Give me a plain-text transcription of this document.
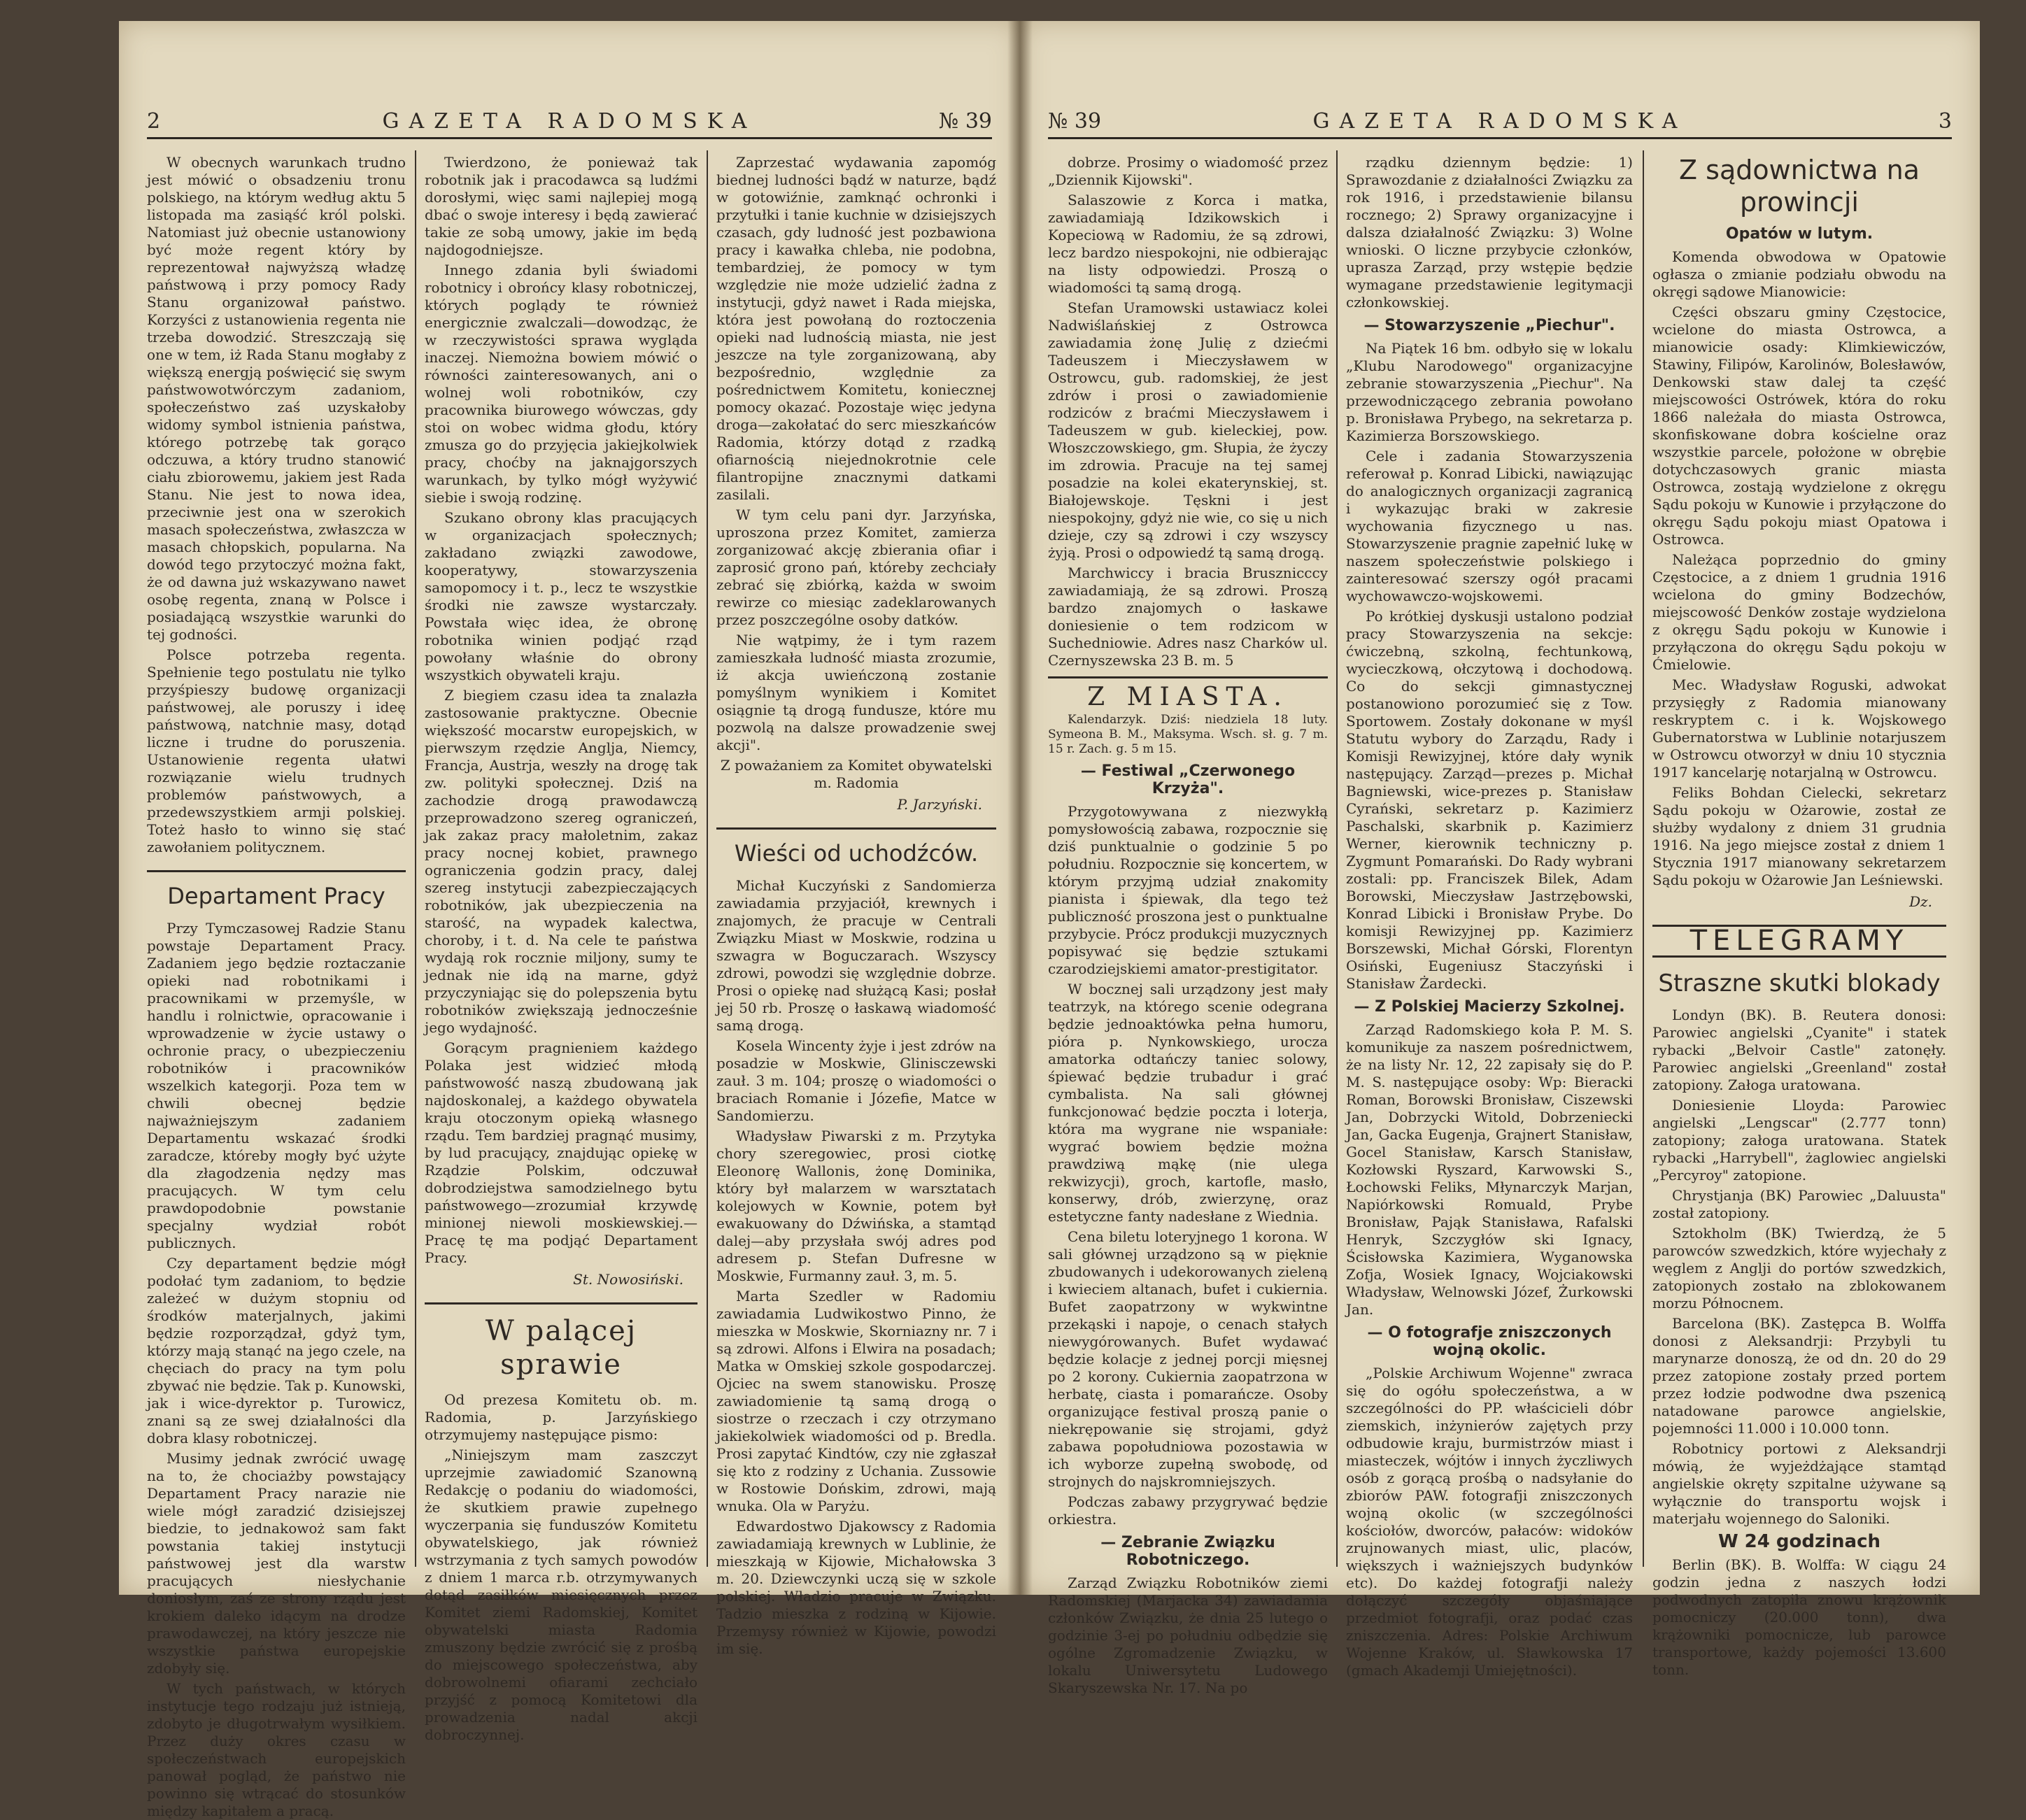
2	GAZETA RADOMSKA	№ 39

W obecnych warunkach trudno jest mówić o obsadzeniu tronu polskiego, na którym według aktu 5 listopada ma zasiąść król polski. Natomiast już obecnie ustanowiony być może regent który by reprezentował najwyższą władzę państwową i przy pomocy Rady Stanu organizował państwo. Korzyści z ustanowienia regenta nie trzeba dowodzić. Streszczają się one w tem, iż Rada Stanu mogłaby z większą energją poświęcić się swym państwowotwórczym zadaniom, społeczeństwo zaś uzyskałoby widomy symbol istnienia państwa, którego potrzebę tak gorąco odczuwa, a który trudno stanowić ciału zbiorowemu, jakiem jest Rada Stanu. Nie jest to nowa idea, przeciwnie jest ona w szerokich masach społeczeństwa, zwłaszcza w masach chłopskich, popularna. Na dowód tego przytoczyć można fakt, że od dawna już wskazywano nawet osobę regenta, znaną w Polsce i posiadającą wszystkie warunki do tej godności.

Polsce potrzeba regenta. Spełnienie tego postulatu nie tylko przyśpieszy budowę organizacji państwowej, ale poruszy i ideę państwową, natchnie masy, dotąd liczne i trudne do poruszenia. Ustanowienie regenta ułatwi rozwiązanie wielu trudnych problemów państwowych, a przedewszystkiem armji polskiej. Toteż hasło to winno się stać zawołaniem politycznem.

Departament Pracy

Przy Tymczasowej Radzie Stanu powstaje Departament Pracy. Zadaniem jego będzie roztaczanie opieki nad robotnikami i pracownikami w przemyśle, w handlu i rolnictwie, opracowanie i wprowadzenie w życie ustawy o ochronie pracy, o ubezpieczeniu robotników i pracowników wszelkich kategorji. Poza tem w chwili obecnej będzie najważniejszym zadaniem Departamentu wskazać środki zaradcze, któreby mogły być użyte dla złagodzenia nędzy mas pracujących. W tym celu prawdopodobnie powstanie specjalny wydział robót publicznych.

Czy departament będzie mógł podołać tym zadaniom, to będzie zależeć w dużym stopniu od środków materjalnych, jakimi będzie rozporządzał, gdyż tym, którzy mają stanąć na jego czele, na chęciach do pracy na tym polu zbywać nie będzie. Tak p. Kunowski, jak i wice-dyrektor p. Turowicz, znani są ze swej działalności dla dobra klasy robotniczej.

Musimy jednak zwrócić uwagę na to, że chociażby powstający Departament Pracy narazie nie wiele mógł zaradzić dzisiejszej biedzie, to jednakowoż sam fakt powstania takiej instytucji państwowej jest dla warstw pracujących niesłychanie doniosłym, zaś ze strony rządu jest krokiem daleko idącym na drodze prawodawczej, na który jeszcze nie wszystkie państwa europejskie zdobyły się.

W tych państwach, w których instytucje tego rodzaju już istnieją, zdobyto je długotrwałym wysiłkiem. Przez duży okres czasu w społeczeństwach europejskich panował pogląd, że państwo nie powinno się wtrącać do stosunków między kapitałem a pracą.

Twierdzono, że ponieważ tak robotnik jak i pracodawca są ludźmi dorosłymi, więc sami najlepiej mogą dbać o swoje interesy i będą zawierać takie ze sobą umowy, jakie im będą najdogodniejsze.

Innego zdania byli świadomi robotnicy i obrońcy klasy robotniczej, których poglądy te również energicznie zwalczali—dowodząc, że w rzeczywistości sprawa wygląda inaczej. Niemożna bowiem mówić o równości zainteresowanych, ani o wolnej woli robotników, czy pracownika biurowego wówczas, gdy stoi on wobec widma głodu, który zmusza go do przyjęcia jakiejkolwiek pracy, choćby na jaknajgorszych warunkach, by tylko mógł wyżywić siebie i swoją rodzinę.

Szukano obrony klas pracujących w organizacjach społecznych; zakładano związki zawodowe, kooperatywy, stowarzyszenia samopomocy i t. p., lecz te wszystkie środki nie zawsze wystarczały. Powstała więc idea, że obronę robotnika winien podjąć rząd powołany właśnie do obrony wszystkich obywateli kraju.

Z biegiem czasu idea ta znalazła zastosowanie praktyczne. Obecnie większość mocarstw europejskich, w pierwszym rzędzie Anglja, Niemcy, Francja, Austrja, weszły na drogę tak zw. polityki społecznej. Dziś na zachodzie drogą prawodawczą przeprowadzono szereg ograniczeń, jak zakaz pracy małoletnim, zakaz pracy nocnej kobiet, prawnego ograniczenia godzin pracy, dalej szereg instytucji zabezpieczających robotników, jak ubezpieczenia na starość, na wypadek kalectwa, choroby, i t. d. Na cele te państwa wydają rok rocznie miljony, sumy te jednak nie idą na marne, gdyż przyczyniając się do polepszenia bytu robotników zwiększają jednocześnie jego wydajność.

Gorącym pragnieniem każdego Polaka jest widzieć młodą państwowość naszą zbudowaną jak najdoskonalej, a każdego obywatela kraju otoczonym opieką własnego rządu. Tem bardziej pragnąć musimy, by lud pracujący, znajdując opiekę w Rządzie Polskim, odczuwał dobrodziejstwa samodzielnego bytu państwowego—zrozumiał krzywdę minionej niewoli moskiewskiej.—Pracę tę ma podjąć Departament Pracy.

St. Nowosiński.
W palącej sprawie

Od prezesa Komitetu ob. m. Radomia, p. Jarzyńskiego otrzymujemy następujące pismo:

„Niniejszym mam zaszczyt uprzejmie zawiadomić Szanowną Redakcję o podaniu do wiadomości, że skutkiem prawie zupełnego wyczerpania się funduszów Komitetu obywatelskiego, jak również wstrzymania z tych samych powodów z dniem 1 marca r.b. otrzymywanych dotąd zasiłków miesięcznych przez Komitet ziemi Radomskiej, Komitet obywatelski miasta Radomia zmuszony będzie zwrócić się z prośbą do miejscowego społeczeństwa, aby dobrowolnemi ofiarami zechciało przyjść z pomocą Komitetowi dla prowadzenia nadal akcji dobroczynnej.

Zaprzestać wydawania zapomóg biednej ludności bądź w naturze, bądź w gotowiźnie, zamknąć ochronki i przytułki i tanie kuchnie w dzisiejszych czasach, gdy ludność jest pozbawiona pracy i kawałka chleba, nie podobna, tembardziej, że pomocy w tym względzie nie może udzielić żadna z instytucji, gdyż nawet i Rada miejska, która jest powołaną do roztoczenia opieki nad ludnością miasta, nie jest jeszcze na tyle zorganizowaną, aby bezpośrednio, względnie za pośrednictwem Komitetu, koniecznej pomocy okazać. Pozostaje więc jedyna droga—zakołatać do serc mieszkańców Radomia, którzy dotąd z rzadką ofiarnością niejednokrotnie cele filantropijne znacznymi datkami zasilali.

W tym celu pani dyr. Jarzyńska, uproszona przez Komitet, zamierza zorganizować akcję zbierania ofiar i zaprosić grono pań, któreby zechciały zebrać się zbiórką, każda w swoim rewirze co miesiąc zadeklarowanych przez poszczególne osoby datków.

Nie wątpimy, że i tym razem zamieszkała ludność miasta zrozumie, iż akcja uwieńczoną zostanie pomyślnym wynikiem i Komitet osiągnie tą drogą fundusze, które mu pozwolą na dalsze prowadzenie swej akcji".

Z poważaniem za Komitet obywatelski m. Radomia

P. Jarzyński.
Wieści od uchodźców.

Michał Kuczyński z Sandomierza zawiadamia przyjaciół, krewnych i znajomych, że pracuje w Centrali Związku Miast w Moskwie, rodzina u szwagra w Boguczarach. Wszyscy zdrowi, powodzi się względnie dobrze. Prosi o opiekę nad służącą Kasi; posłał jej 50 rb. Proszę o łaskawą wiadomość samą drogą.

Kosela Wincenty żyje i jest zdrów na posadzie w Moskwie, Glinisczewski zauł. 3 m. 104; proszę o wiadomości o braciach Romanie i Józefie, Matce w Sandomierzu.

Władysław Piwarski z m. Przytyka chory szeregowiec, prosi ciotkę Eleonorę Wallonis, żonę Dominika, który był malarzem w warsztatach kolejowych w Kownie, potem był ewakuowany do Dźwińska, a stamtąd dalej—aby przysłała swój adres pod adresem p. Stefan Dufresne w Moskwie, Furmanny zauł. 3, m. 5.

Marta Szedler w Radomiu zawiadamia Ludwikostwo Pinno, że mieszka w Moskwie, Skorniazny nr. 7 i są zdrowi. Alfons i Elwira na posadach; Matka w Omskiej szkole gospodarczej. Ojciec na swem stanowisku. Proszę zawiadomienie tą samą drogą o siostrze o rzeczach i czy otrzymano jakiekolwiek wiadomości od p. Bredla. Prosi zapytać Kindtów, czy nie zgłaszał się kto z rodziny z Uchania. Zussowie w Rostowie Dońskim, zdrowi, mają wnuka. Ola w Paryżu.

Edwardostwo Djakowscy z Radomia zawiadamiają krewnych w Lublinie, że mieszkają w Kijowie, Michałowska 3 m. 20. Dziewczynki uczą się w szkole polskiej. Władzio pracuje w Związku. Tadzio mieszka z rodziną w Kijowie. Przemysy również w Kijowie, powodzi im się.

№ 39	GAZETA RADOMSKA	3

dobrze. Prosimy o wiadomość przez „Dziennik Kijowski".

Salaszowie z Korca i matka, zawiadamiają Idzikowskich i Kopeciową w Radomiu, że są zdrowi, lecz bardzo niespokojni, nie odbierając na listy odpowiedzi. Proszą o wiadomości tą samą drogą.

Stefan Uramowski ustawiacz kolei Nadwiślańskiej z Ostrowca zawiadamia żonę Julię z dziećmi Tadeuszem i Mieczysławem w Ostrowcu, gub. radomskiej, że jest zdrów i prosi o zawiadomienie rodziców z braćmi Mieczysławem i Tadeuszem w gub. kieleckiej, pow. Włoszczowskiego, gm. Słupia, że życzy im zdrowia. Pracuje na tej samej posadzie na kolei ekaterynskiej, st. Białojewskoje. Tęskni i jest niespokojny, gdyż nie wie, co się u nich dzieje, czy są zdrowi i czy wszyscy żyją. Prosi o odpowiedź tą samą drogą.

Marchwiccy i bracia Brusznicccy zawiadamiają, że są zdrowi. Proszą bardzo znajomych o łaskawe doniesienie o tem rodzicom w Suchedniowie. Adres nasz Charków ul. Czernyszewska 23 B. m. 5

Z MIASTA.

Kalendarzyk. Dziś: niedziela 18 luty. Symeona B. M., Maksyma. Wsch. sł. g. 7 m. 15 r. Zach. g. 5 m 15.

— Festiwal „Czerwonego Krzyża".

Przygotowywana z niezwykłą pomysłowością zabawa, rozpocznie się dziś punktualnie o godzinie 5 po południu. Rozpocznie się koncertem, w którym przyjmą udział znakomity pianista i śpiewak, dla tego też publiczność proszona jest o punktualne przybycie. Prócz produkcji muzycznych popisywać się będzie sztukami czarodziejskiemi amator-prestigitator.

W bocznej sali urządzony jest mały teatrzyk, na którego scenie odegrana będzie jednoaktówka pełna humoru, pióra p. Nynkowskiego, urocza amatorka odtańczy taniec solowy, śpiewać będzie trubadur i grać cymbalista. Na sali głównej funkcjonować będzie poczta i loterja, która ma wygrane nie wspaniałe: wygrać bowiem będzie można prawdziwą mąkę (nie ulega rekwizycji), groch, kartofle, masło, konserwy, drób, zwierzynę, oraz estetyczne fanty nadesłane z Wiednia.

Cena biletu loteryjnego 1 korona. W sali głównej urządzono są w pięknie zbudowanych i udekorowanych zieleną i kwieciem altanach, bufet i cukiernia. Bufet zaopatrzony w wykwintne przekąski i napoje, o cenach stałych niewygórowanych. Bufet wydawać będzie kolacje z jednej porcji mięsnej po 2 korony. Cukiernia zaopatrzona w herbatę, ciasta i pomarańcze. Osoby organizujące festival proszą panie o niekrępowanie się strojami, gdyż zabawa popołudniowa pozostawia w ich wyborze zupełną swobodę, od strojnych do najskromniejszych.

Podczas zabawy przygrywać będzie orkiestra.

— Zebranie Związku Robotniczego.

Zarząd Związku Robotników ziemi Radomskiej (Marjacka 34) zawiadamia członków Związku, że dnia 25 lutego o godzinie 3-ej po południu odbędzie się ogólne Zgromadzenie Związku, w lokalu Uniwersytetu Ludowego Skaryszewska Nr. 17. Na po

rządku dziennym będzie: 1) Sprawozdanie z działalności Związku za rok 1916, i przedstawienie bilansu rocznego; 2) Sprawy organizacyjne i dalsza działalność Związku: 3) Wolne wnioski. O liczne przybycie członków, uprasza Zarząd, przy wstępie będzie wymagane przedstawienie legitymacji członkowskiej.

— Stowarzyszenie „Piechur".

Na Piątek 16 bm. odbyło się w lokalu „Klubu Narodowego" organizacyjne zebranie stowarzyszenia „Piechur". Na przewodniczącego zebrania powołano p. Bronisława Prybego, na sekretarza p. Kazimierza Borszowskiego.

Cele i zadania Stowarzyszenia referował p. Konrad Libicki, nawiązując do analogicznych organizacji zagranicą i wykazując braki w zakresie wychowania fizycznego u nas. Stowarzyszenie pragnie zapełnić lukę w naszem społeczeństwie polskiego i zainteresować szerszy ogół pracami wychowawczo-wojskowemi.

Po krótkiej dyskusji ustalono podział pracy Stowarzyszenia na sekcje: ćwiczebną, szkolną, fechtunkową, wycieczkową, ołczytową i dochodową. Co do sekcji gimnastycznej postanowiono porozumieć się z Tow. Sportowem. Zostały dokonane w myśl Statutu wybory do Zarządu, Rady i Komisji Rewizyjnej, które dały wynik następujący. Zarząd—prezes p. Michał Bagniewski, wice-prezes p. Stanisław Cyrański, sekretarz p. Kazimierz Paschalski, skarbnik p. Kazimierz Werner, kierownik techniczny p. Zygmunt Pomarański. Do Rady wybrani zostali: pp. Franciszek Bilek, Adam Borowski, Mieczysław Jastrzębowski, Konrad Libicki i Bronisław Prybe. Do komisji Rewizyjnej pp. Kazimierz Borszewski, Michał Górski, Florentyn Osiński, Eugeniusz Staczyński i Stanisław Żardecki.

— Z Polskiej Macierzy Szkolnej.

Zarząd Radomskiego koła P. M. S. komunikuje za naszem pośrednictwem, że na listy Nr. 12, 22 zapisały się do P. M. S. następujące osoby: Wp: Bieracki Roman, Borowski Bronisław, Ciszewski Jan, Dobrzycki Witold, Dobrzeniecki Jan, Gacka Eugenja, Grajnert Stanisław, Gocel Stanisław, Karsch Stanisław, Kozłowski Ryszard, Karwowski S., Łochowski Feliks, Młynarczyk Marjan, Napiórkowski Romuald, Prybe Bronisław, Pająk Stanisława, Rafalski Henryk, Szczygłów ski Ignacy, Ścisłowska Kazimiera, Wyganowska Zofja, Wosiek Ignacy, Wojciakowski Władysław, Welnowski Józef, Żurkowski Jan.

— O fotografje zniszczonych wojną okolic.

„Polskie Archiwum Wojenne" zwraca się do ogółu społeczeństwa, a w szczególności do PP. właścicieli dóbr ziemskich, inżynierów zajętych przy odbudowie kraju, burmistrzów miast i miasteczek, wójtów i innych życzliwych osób z gorącą prośbą o nadsyłanie do zbiorów PAW. fotografji zniszczonych wojną okolic (w szczególności kościołów, dworców, pałaców: widoków zrujnowanych miast, ulic, placów, większych i ważniejszych budynków etc). Do każdej fotografji należy dołączyć szczegóły objaśniające przedmiot fotografji, oraz podać czas zniszczenia. Adres: Polskie Archiwum Wojenne Kraków, ul. Sławkowska 17 (gmach Akademji Umiejętności).

Z sądownictwa na prowincji
Opatów w lutym.

Komenda obwodowa w Opatowie ogłasza o zmianie podziału obwodu na okręgi sądowe Mianowicie:

Części obszaru gminy Częstocice, wcielone do miasta Ostrowca, a mianowicie osady: Klimkiewiczów, Stawiny, Filipów, Karolinów, Bolesławów, Denkowski staw dalej ta część miejscowości Ostrówek, która do roku 1866 należała do miasta Ostrowca, skonfiskowane dobra kościelne oraz wszystkie parcele, położone w obrębie dotychczasowych granic miasta Ostrowca, zostają wydzielone z okręgu Sądu pokoju w Kunowie i przyłączone do okręgu Sądu pokoju miast Opatowa i Ostrowca.

Należąca poprzednio do gminy Częstocice, a z dniem 1 grudnia 1916 wcielona do gminy Bodzechów, miejscowość Denków zostaje wydzielona z okręgu Sądu pokoju w Kunowie i przyłączona do okręgu Sądu pokoju w Ćmielowie.

Mec. Władysław Roguski, adwokat przysięgły z Radomia mianowany reskryptem c. i k. Wojskowego Gubernatorstwa w Lublinie notarjuszem w Ostrowcu otworzył w dniu 10 stycznia 1917 kancelarję notarjalną w Ostrowcu.

Feliks Bohdan Cielecki, sekretarz Sądu pokoju w Ożarowie, został ze służby wydalony z dniem 31 grudnia 1916. Na jego miejsce został z dniem 1 Stycznia 1917 mianowany sekretarzem Sądu pokoju w Ożarowie Jan Leśniewski.

Dz.
TELEGRAMY
Straszne skutki blokady

Londyn (BK). B. Reutera donosi: Parowiec angielski „Cyanite" i statek rybacki „Belvoir Castle" zatonęły. Parowiec angielski „Greenland" został zatopiony. Załoga uratowana.

Doniesienie Lloyda: Parowiec angielski „Lengscar" (2.777 tonn) zatopiony; załoga uratowana. Statek rybacki „Harrybell", żaglowiec angielski „Percyroy" zatopione.

Chrystjanja (BK) Parowiec „Daluusta" został zatopiony.

Sztokholm (BK) Twierdzą, że 5 parowców szwedzkich, które wyjechały z węglem z Anglji do portów szwedzkich, zatopionych zostało na zblokowanem morzu Północnem.

Barcelona (BK). Zastępca B. Wolffa donosi z Aleksandrji: Przybyli tu marynarze donoszą, że od dn. 20 do 29 przez zatopione zostały przed portem przez łodzie podwodne dwa pszenicą natadowane parowce angielskie, pojemności 11.000 i 10.000 tonn.

Robotnicy portowi z Aleksandrji mówią, że wyjeżdżające stamtąd angielskie okręty szpitalne używane są wyłącznie do transportu wojsk i materjału wojennego do Saloniki.

W 24 godzinach

Berlin (BK). B. Wolffa: W ciągu 24 godzin jedna z naszych łodzi podwodnych zatopiła znowu krążownik pomocniczy (20.000 tonn), dwa krążowniki pomocnicze, lub parowce transportowe, każdy pojemości 13.600 tonn.
